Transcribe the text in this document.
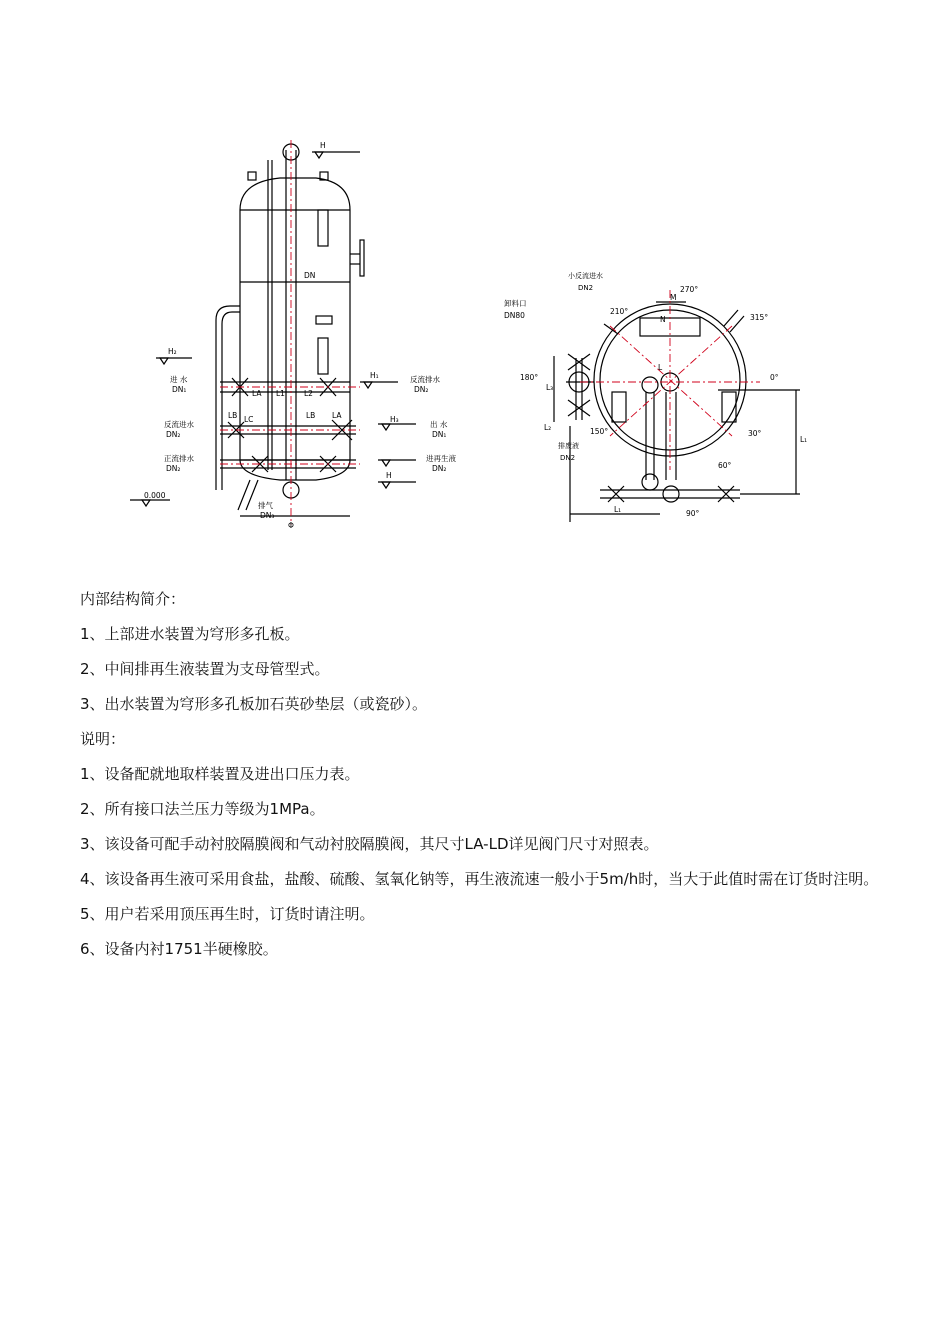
H
DN
H₂
H₁
H₃
H
LA L1	L2
LA
LB LC	LB
Φ
0.000
进 水
DN₁
反流进水
DN₂
正流排水
DN₂
反流排水
DN₂
出 水
DN₁
进再生液
DN₂
排气
DN₃
270°
315°
210°
180°	0°
150°	30°
60°
90°
卸料口
DN80
小反流进水
DN2
排废液
DN2
M
N
L
L₃
L₂
L₁
L₁

内部结构简介：

1、上部进水装置为穹形多孔板。

2、中间排再生液装置为支母管型式。

3、出水装置为穹形多孔板加石英砂垫层（或瓷砂）。

说明：

1、设备配就地取样装置及进出口压力表。

2、所有接口法兰压力等级为1MPa。

3、该设备可配手动衬胶隔膜阀和气动衬胶隔膜阀，其尺寸LA-LD详见阀门尺寸对照表。

4、该设备再生液可采用食盐，盐酸、硫酸、氢氧化钠等，再生液流速一般小于5m/h时，当大于此值时需在订货时注明。

5、用户若采用顶压再生时，订货时请注明。

6、设备内衬1751半硬橡胶。
